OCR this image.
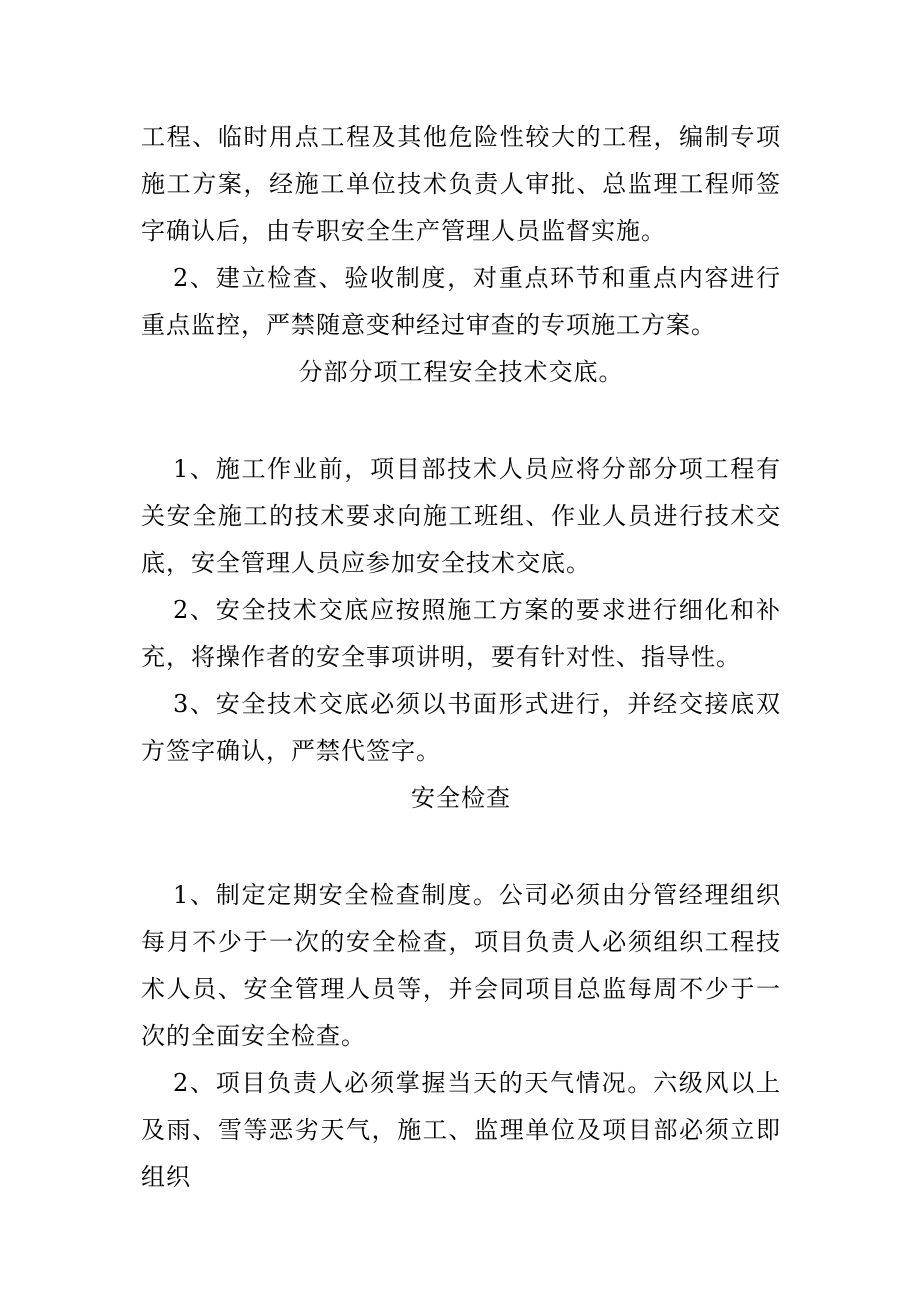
工程、临时用点工程及其他危险性较大的工程，编制专项施工方案，经施工单位技术负责人审批、总监理工程师签字确认后，由专职安全生产管理人员监督实施。

2、建立检查、验收制度，对重点环节和重点内容进行重点监控，严禁随意变种经过审查的专项施工方案。

分部分项工程安全技术交底。

1、施工作业前，项目部技术人员应将分部分项工程有关安全施工的技术要求向施工班组、作业人员进行技术交底，安全管理人员应参加安全技术交底。

2、安全技术交底应按照施工方案的要求进行细化和补充，将操作者的安全事项讲明，要有针对性、指导性。

3、安全技术交底必须以书面形式进行，并经交接底双方签字确认，严禁代签字。

安全检查

1、制定定期安全检查制度。公司必须由分管经理组织每月不少于一次的安全检查，项目负责人必须组织工程技术人员、安全管理人员等，并会同项目总监每周不少于一次的全面安全检查。

2、项目负责人必须掌握当天的天气情况。六级风以上及雨、雪等恶劣天气，施工、监理单位及项目部必须立即组织
